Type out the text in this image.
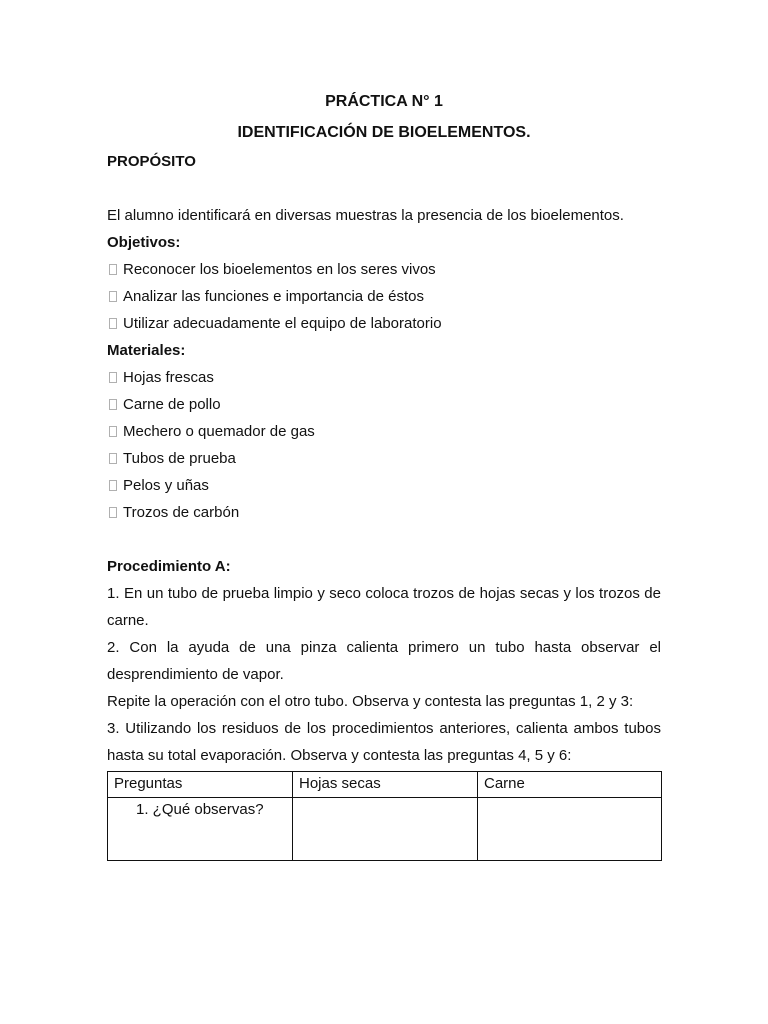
PRÁCTICA N° 1

IDENTIFICACIÓN DE BIOELEMENTOS.

PROPÓSITO

El alumno identificará en diversas muestras la presencia de los bioelementos.

Objetivos:

Reconocer los bioelementos en los seres vivos
Analizar las funciones e importancia de éstos
Utilizar adecuadamente el equipo de laboratorio

Materiales:

Hojas frescas
Carne de pollo
Mechero o quemador de gas
Tubos de prueba
Pelos y uñas
Trozos de carbón

Procedimiento A:

1. En un tubo de prueba limpio y seco coloca trozos de hojas secas y los trozos de carne.

2. Con la ayuda de una pinza calienta primero un tubo hasta observar el desprendimiento de vapor.

Repite la operación con el otro tubo. Observa y contesta las preguntas 1, 2 y 3:

3. Utilizando los residuos de los procedimientos anteriores, calienta ambos tubos hasta su total evaporación. Observa y contesta las preguntas 4, 5 y 6:

Preguntas	Hojas secas	Carne
1. ¿Qué observas?		
